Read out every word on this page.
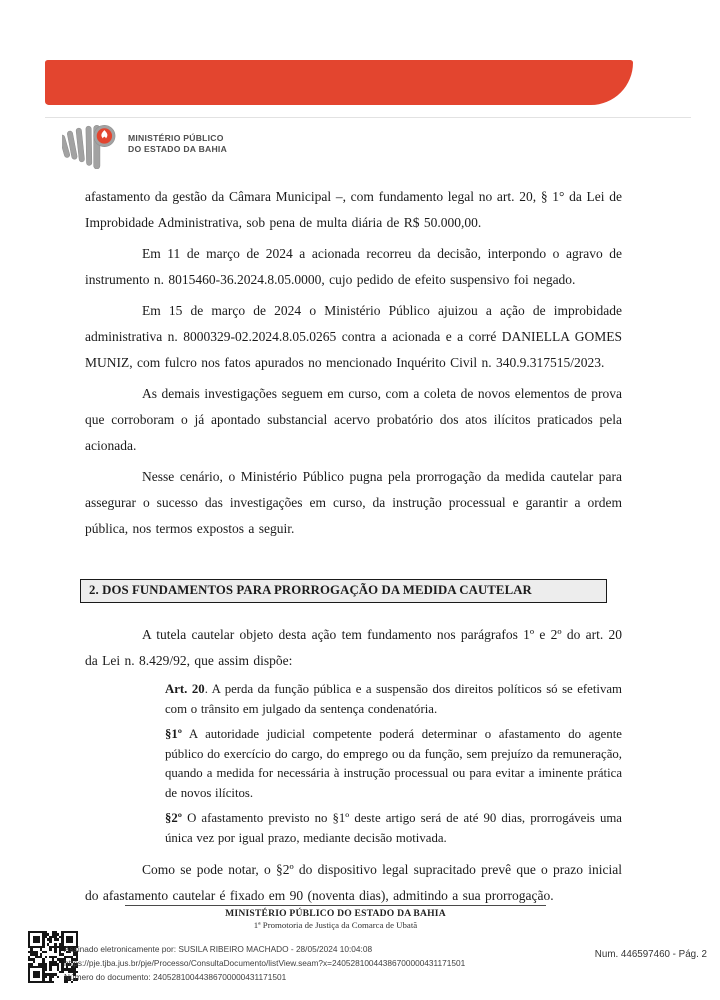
MINISTÉRIO PÚBLICO
DO ESTADO DA BAHIA

afastamento da gestão da Câmara Municipal –, com fundamento legal no art. 20, § 1° da Lei de Improbidade Administrativa, sob pena de multa diária de R$ 50.000,00.

Em 11 de março de 2024 a acionada recorreu da decisão, interpondo o agravo de instrumento n. 8015460-36.2024.8.05.0000, cujo pedido de efeito suspensivo foi negado.

Em 15 de março de 2024 o Ministério Público ajuizou a ação de improbidade administrativa n. 8000329-02.2024.8.05.0265 contra a acionada e a corré DANIELLA GOMES MUNIZ, com fulcro nos fatos apurados no mencionado Inquérito Civil n. 340.9.317515/2023.

As demais investigações seguem em curso, com a coleta de novos elementos de prova que corroboram o já apontado substancial acervo probatório dos atos ilícitos praticados pela acionada.

Nesse cenário, o Ministério Público pugna pela prorrogação da medida cautelar para assegurar o sucesso das investigações em curso, da instrução processual e garantir a ordem pública, nos termos expostos a seguir.

2. DOS FUNDAMENTOS PARA PRORROGAÇÃO DA MEDIDA CAUTELAR

A tutela cautelar objeto desta ação tem fundamento nos parágrafos 1º e 2º do art. 20 da Lei n. 8.429/92, que assim dispõe:

Art. 20. A perda da função pública e a suspensão dos direitos políticos só se efetivam com o trânsito em julgado da sentença condenatória.

§1º A autoridade judicial competente poderá determinar o afastamento do agente público do exercício do cargo, do emprego ou da função, sem prejuízo da remuneração, quando a medida for necessária à instrução processual ou para evitar a iminente prática de novos ilícitos.

§2º O afastamento previsto no §1º deste artigo será de até 90 dias, prorrogáveis uma única vez por igual prazo, mediante decisão motivada.

Como se pode notar, o §2º do dispositivo legal supracitado prevê que o prazo inicial do afastamento cautelar é fixado em 90 (noventa dias), admitindo a sua prorrogação.

MINISTÉRIO PÚBLICO DO ESTADO DA BAHIA
1ª Promotoria de Justiça da Comarca de Ubatã
Assinado eletronicamente por: SUSILA RIBEIRO MACHADO - 28/05/2024 10:04:08
https://pje.tjba.jus.br/pje/Processo/ConsultaDocumento/listView.seam?x=24052810044386700000431171501
Número do documento: 24052810044386700000431171501
Num. 446597460 - Pág. 2
